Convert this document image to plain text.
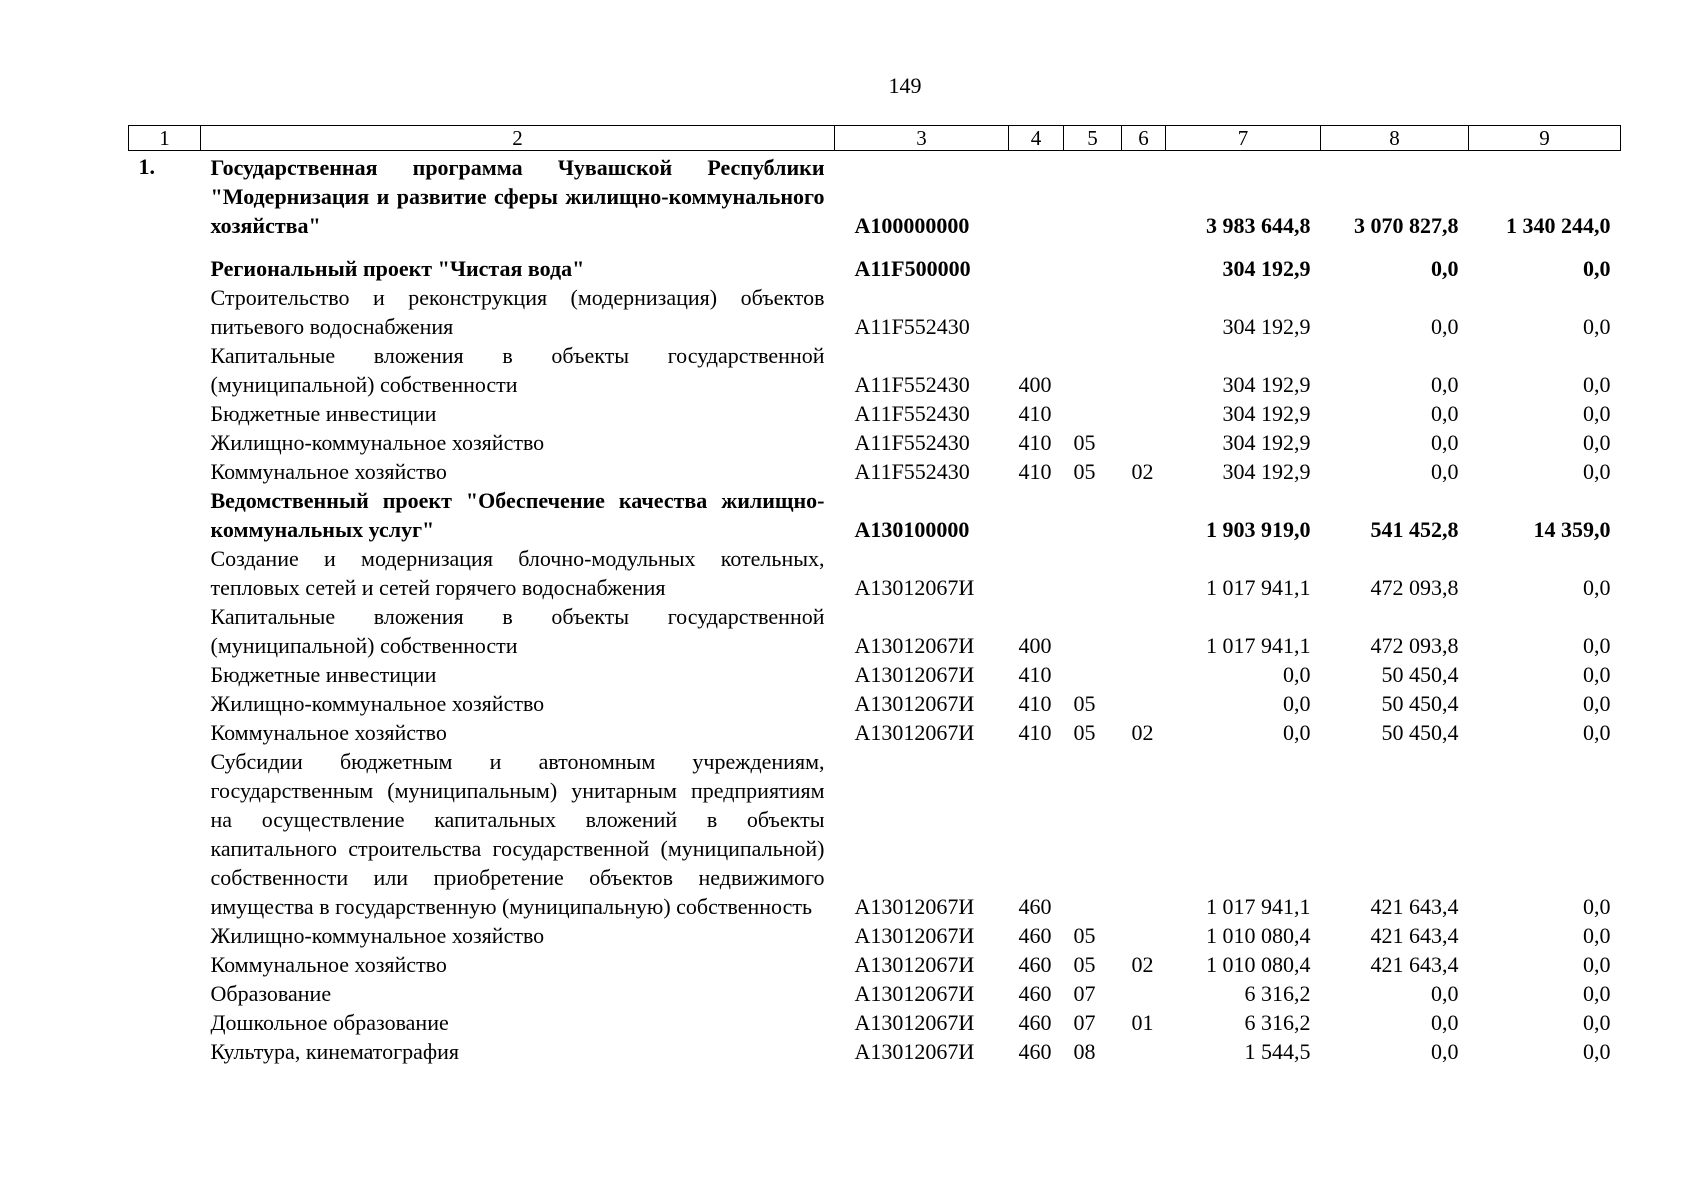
149
1	2	3	4	5	6	7	8	9
1.	Государственная программа Чувашской Республики "Модернизация и развитие сферы жилищно-коммунального хозяйства"	А100000000				3 983 644,8	3 070 827,8	1 340 244,0
	Региональный проект "Чистая вода"	А11F500000				304 192,9	0,0	0,0
	Строительство и реконструкция (модернизация) объектов питьевого водоснабжения	А11F552430				304 192,9	0,0	0,0
	Капитальные вложения в объекты государственной (муниципальной) собственности	А11F552430	400			304 192,9	0,0	0,0
	Бюджетные инвестиции	А11F552430	410			304 192,9	0,0	0,0
	Жилищно-коммунальное хозяйство	А11F552430	410	05		304 192,9	0,0	0,0
	Коммунальное хозяйство	А11F552430	410	05	02	304 192,9	0,0	0,0
	Ведомственный проект "Обеспечение качества жилищно-коммунальных услуг"	А130100000				1 903 919,0	541 452,8	14 359,0
	Создание и модернизация блочно-модульных котельных, тепловых сетей и сетей горячего водоснабжения	А13012067И				1 017 941,1	472 093,8	0,0
	Капитальные вложения в объекты государственной (муниципальной) собственности	А13012067И	400			1 017 941,1	472 093,8	0,0
	Бюджетные инвестиции	А13012067И	410			0,0	50 450,4	0,0
	Жилищно-коммунальное хозяйство	А13012067И	410	05		0,0	50 450,4	0,0
	Коммунальное хозяйство	А13012067И	410	05	02	0,0	50 450,4	0,0
	Субсидии бюджетным и автономным учреждениям, государственным (муниципальным) унитарным предприятиям на осуществление капитальных вложений в объекты капитального строительства государственной (муниципальной) собственности или приобретение объектов недвижимого имущества в государственную (муниципальную) собственность	А13012067И	460			1 017 941,1	421 643,4	0,0
	Жилищно-коммунальное хозяйство	А13012067И	460	05		1 010 080,4	421 643,4	0,0
	Коммунальное хозяйство	А13012067И	460	05	02	1 010 080,4	421 643,4	0,0
	Образование	А13012067И	460	07		6 316,2	0,0	0,0
	Дошкольное образование	А13012067И	460	07	01	6 316,2	0,0	0,0
	Культура, кинематография	А13012067И	460	08		1 544,5	0,0	0,0
